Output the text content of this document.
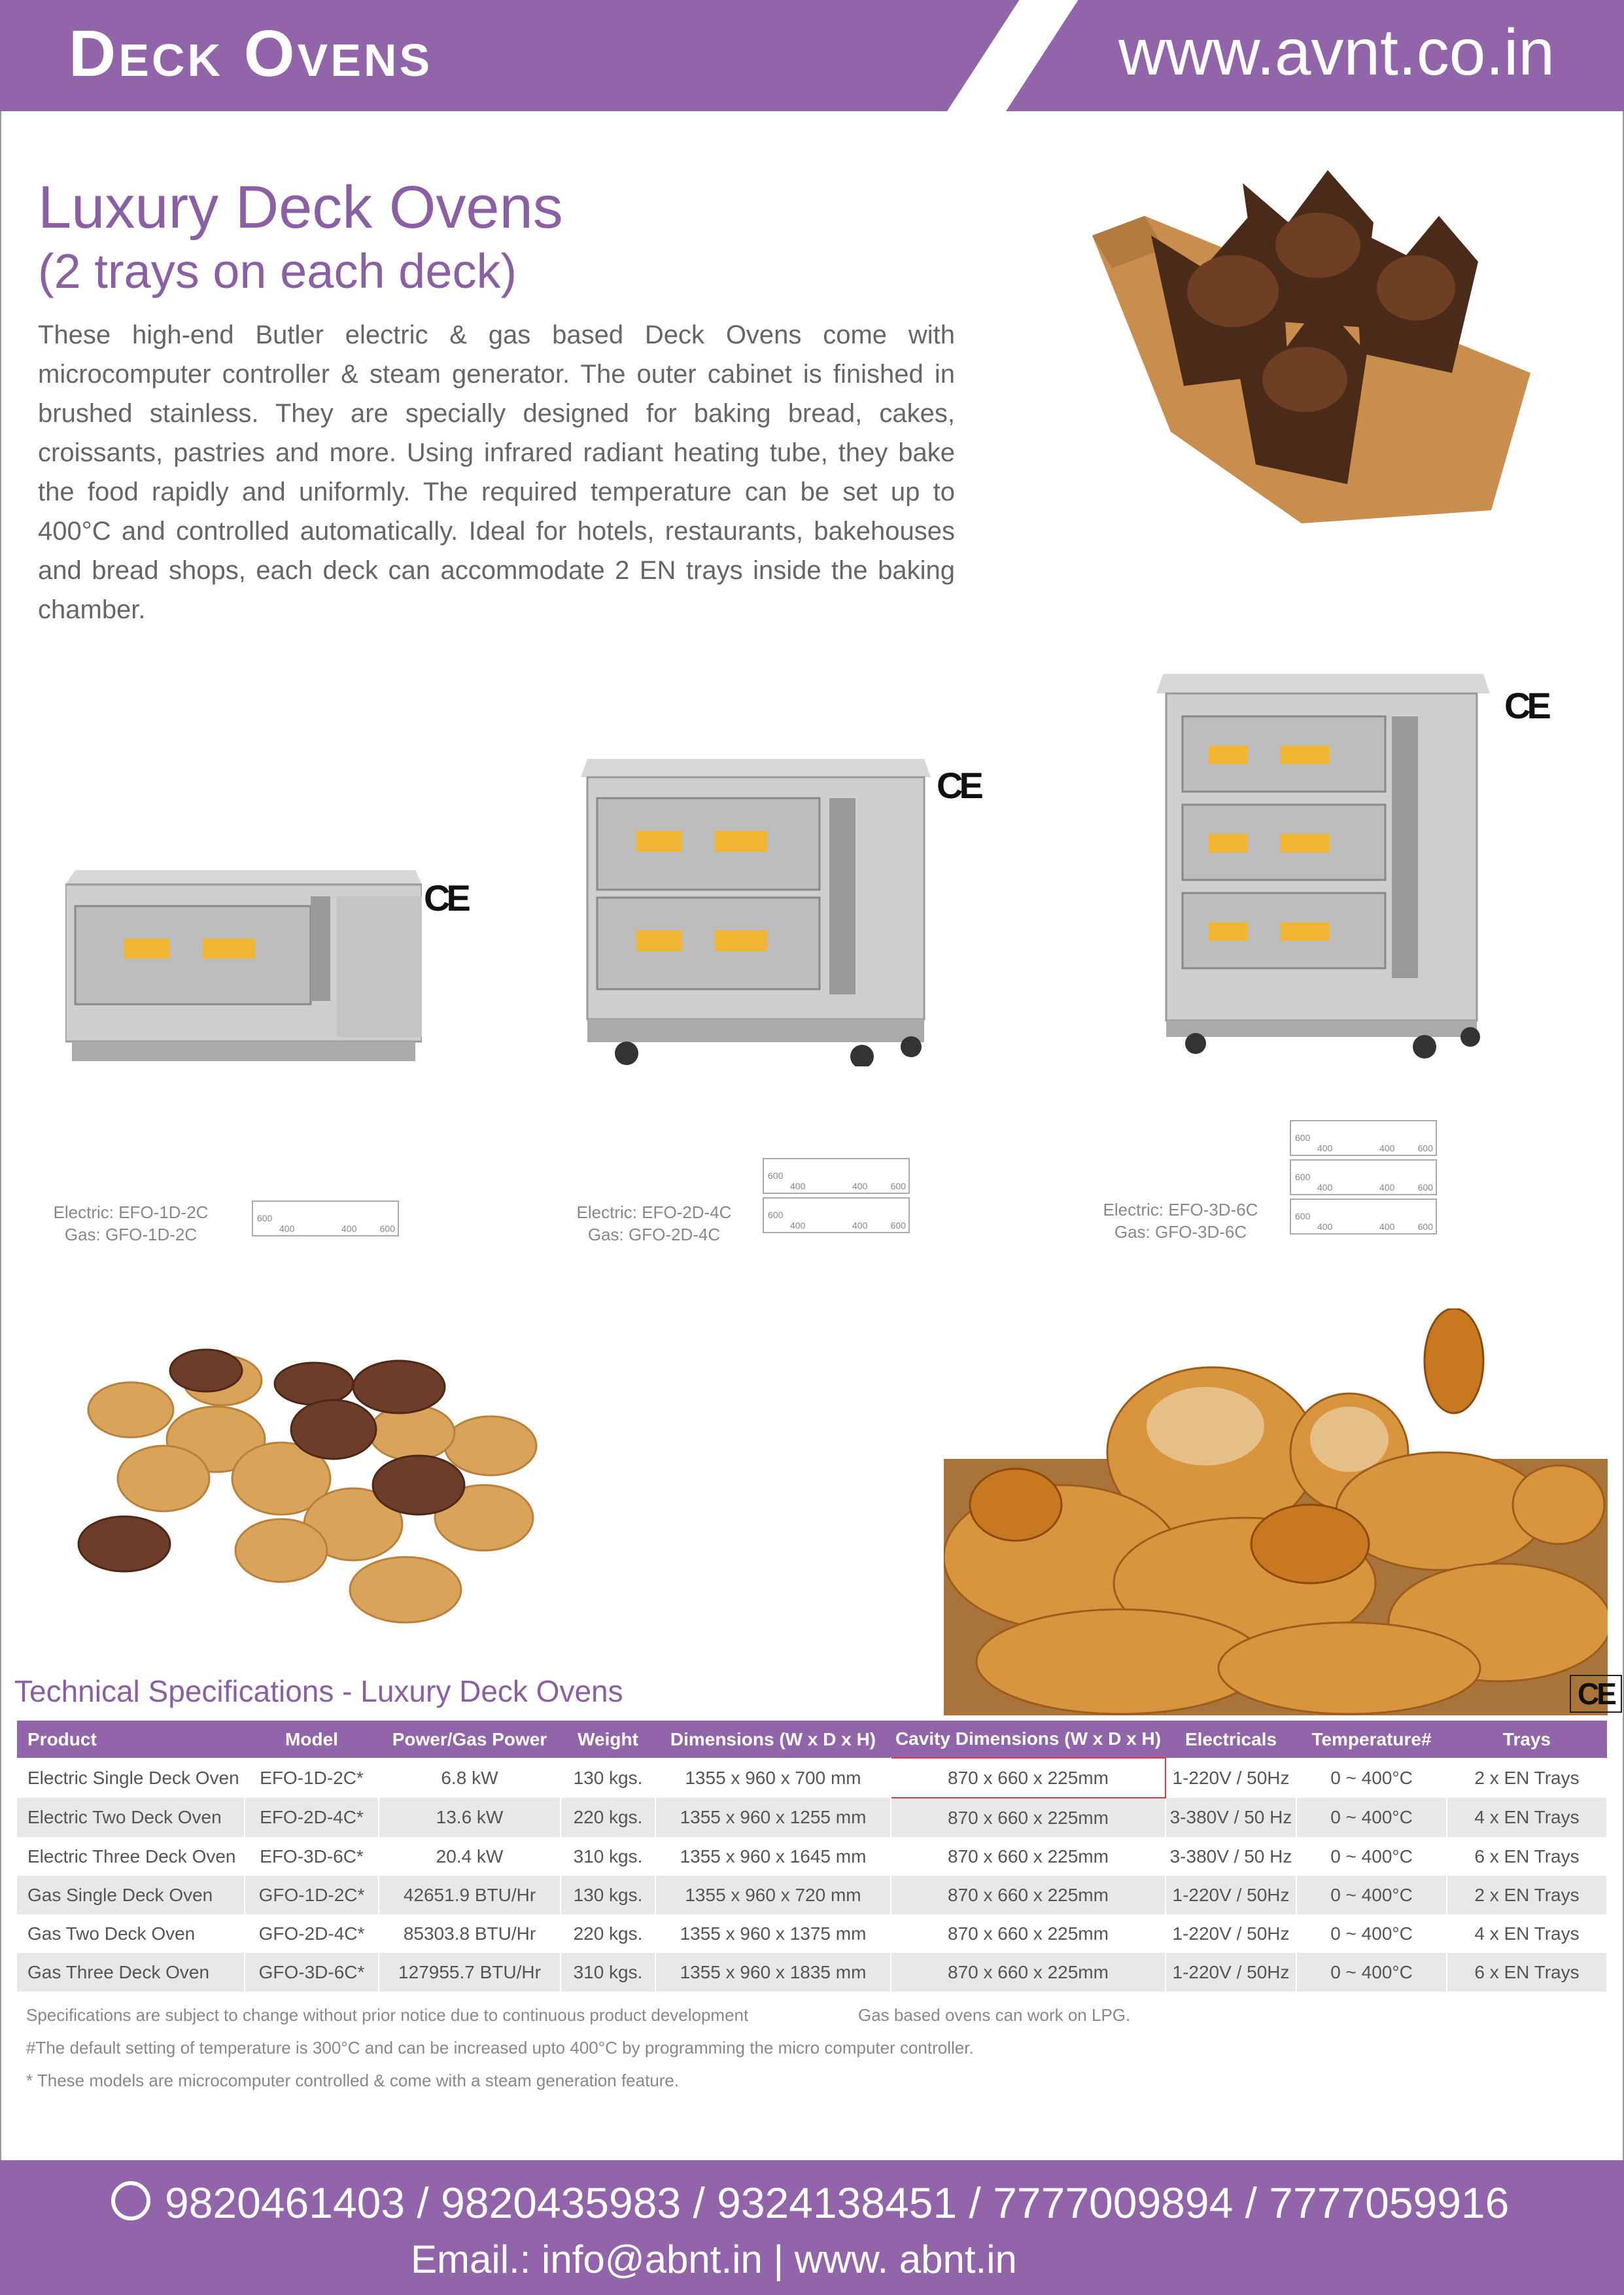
Deck Ovens	www.avnt.co.in
Luxury Deck Ovens
(2 trays on each deck)
These high-end Butler electric & gas based Deck Ovens come with microcomputer controller & steam generator. The outer cabinet is finished in brushed stainless. They are specially designed for baking bread, cakes, croissants, pastries and more. Using infrared radiant heating tube, they bake the food rapidly and uniformly. The required temperature can be set up to 400°C and controlled automatically. Ideal for hotels, restaurants, bakehouses and bread shops, each deck can accommodate 2 EN trays inside the baking chamber.
CE
CE
CE
Electric: EFO-1D-2C
Gas: GFO-1D-2C
Electric: EFO-2D-4C
Gas: GFO-2D-4C
Electric: EFO-3D-6C
Gas: GFO-3D-6C
600
400	400	600
600
400	400	600
600
400	400	600
600
400	400	600
600
400	400	600
600
400	400	600
CE
Technical Specifications - Luxury Deck Ovens
Product	Model	Power/Gas Power	Weight	Dimensions (W x D x H)	Cavity Dimensions (W x D x H)	Electricals	Temperature#	Trays
Electric Single Deck Oven	EFO-1D-2C*	6.8 kW	130 kgs.	1355 x 960 x 700 mm	870 x 660 x 225mm	1-220V / 50Hz	0 ~ 400°C	2 x EN Trays
Electric Two Deck Oven	EFO-2D-4C*	13.6 kW	220 kgs.	1355 x 960 x 1255 mm	870 x 660 x 225mm	3-380V / 50 Hz	0 ~ 400°C	4 x EN Trays
Electric Three Deck Oven	EFO-3D-6C*	20.4 kW	310 kgs.	1355 x 960 x 1645 mm	870 x 660 x 225mm	3-380V / 50 Hz	0 ~ 400°C	6 x EN Trays
Gas Single Deck Oven	GFO-1D-2C*	42651.9 BTU/Hr	130 kgs.	1355 x 960 x 720 mm	870 x 660 x 225mm	1-220V / 50Hz	0 ~ 400°C	2 x EN Trays
Gas Two Deck Oven	GFO-2D-4C*	85303.8 BTU/Hr	220 kgs.	1355 x 960 x 1375 mm	870 x 660 x 225mm	1-220V / 50Hz	0 ~ 400°C	4 x EN Trays
Gas Three Deck Oven	GFO-3D-6C*	127955.7 BTU/Hr	310 kgs.	1355 x 960 x 1835 mm	870 x 660 x 225mm	1-220V / 50Hz	0 ~ 400°C	6 x EN Trays
Specifications are subject to change without prior notice due to continuous product development	Gas based ovens can work on LPG.
#The default setting of temperature is 300°C and can be increased upto 400°C by programming the micro computer controller.
* These models are microcomputer controlled & come with a steam generation feature.
9820461403 / 9820435983 / 9324138451 / 7777009894 / 7777059916
Email.: info@abnt.in | www. abnt.in
